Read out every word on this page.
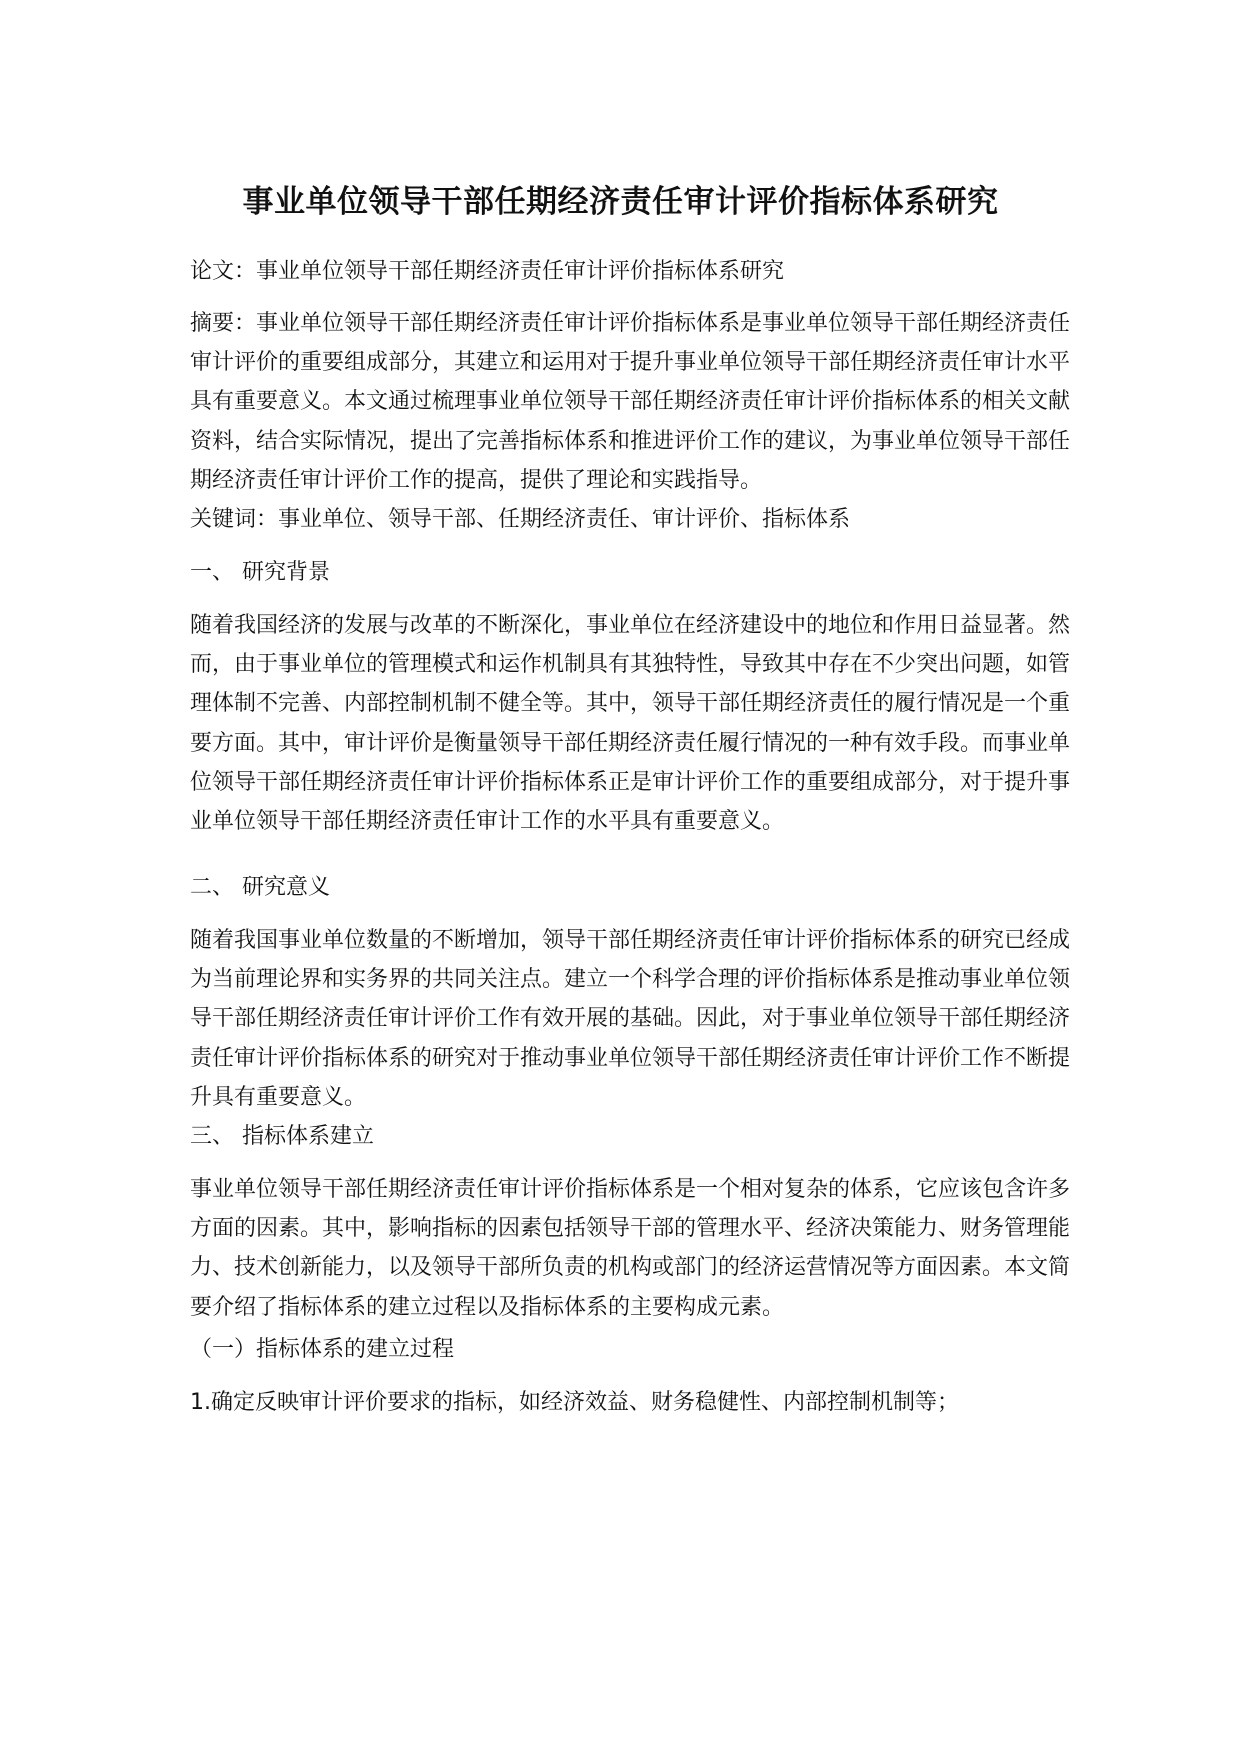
事业单位领导干部任期经济责任审计评价指标体系研究

论文：事业单位领导干部任期经济责任审计评价指标体系研究

摘要：事业单位领导干部任期经济责任审计评价指标体系是事业单位领导干部任期经济责任审计评价的重要组成部分，其建立和运用对于提升事业单位领导干部任期经济责任审计水平具有重要意义。本文通过梳理事业单位领导干部任期经济责任审计评价指标体系的相关文献资料，结合实际情况，提出了完善指标体系和推进评价工作的建议，为事业单位领导干部任期经济责任审计评价工作的提高，提供了理论和实践指导。

关键词：事业单位、领导干部、任期经济责任、审计评价、指标体系

一、 研究背景

随着我国经济的发展与改革的不断深化，事业单位在经济建设中的地位和作用日益显著。然而，由于事业单位的管理模式和运作机制具有其独特性，导致其中存在不少突出问题，如管理体制不完善、内部控制机制不健全等。其中，领导干部任期经济责任的履行情况是一个重要方面。其中，审计评价是衡量领导干部任期经济责任履行情况的一种有效手段。而事业单位领导干部任期经济责任审计评价指标体系正是审计评价工作的重要组成部分，对于提升事业单位领导干部任期经济责任审计工作的水平具有重要意义。

二、 研究意义

随着我国事业单位数量的不断增加，领导干部任期经济责任审计评价指标体系的研究已经成为当前理论界和实务界的共同关注点。建立一个科学合理的评价指标体系是推动事业单位领导干部任期经济责任审计评价工作有效开展的基础。因此，对于事业单位领导干部任期经济责任审计评价指标体系的研究对于推动事业单位领导干部任期经济责任审计评价工作不断提升具有重要意义。

三、 指标体系建立

事业单位领导干部任期经济责任审计评价指标体系是一个相对复杂的体系，它应该包含许多方面的因素。其中，影响指标的因素包括领导干部的管理水平、经济决策能力、财务管理能力、技术创新能力，以及领导干部所负责的机构或部门的经济运营情况等方面因素。本文简要介绍了指标体系的建立过程以及指标体系的主要构成元素。

（一）指标体系的建立过程

1.确定反映审计评价要求的指标，如经济效益、财务稳健性、内部控制机制等；
